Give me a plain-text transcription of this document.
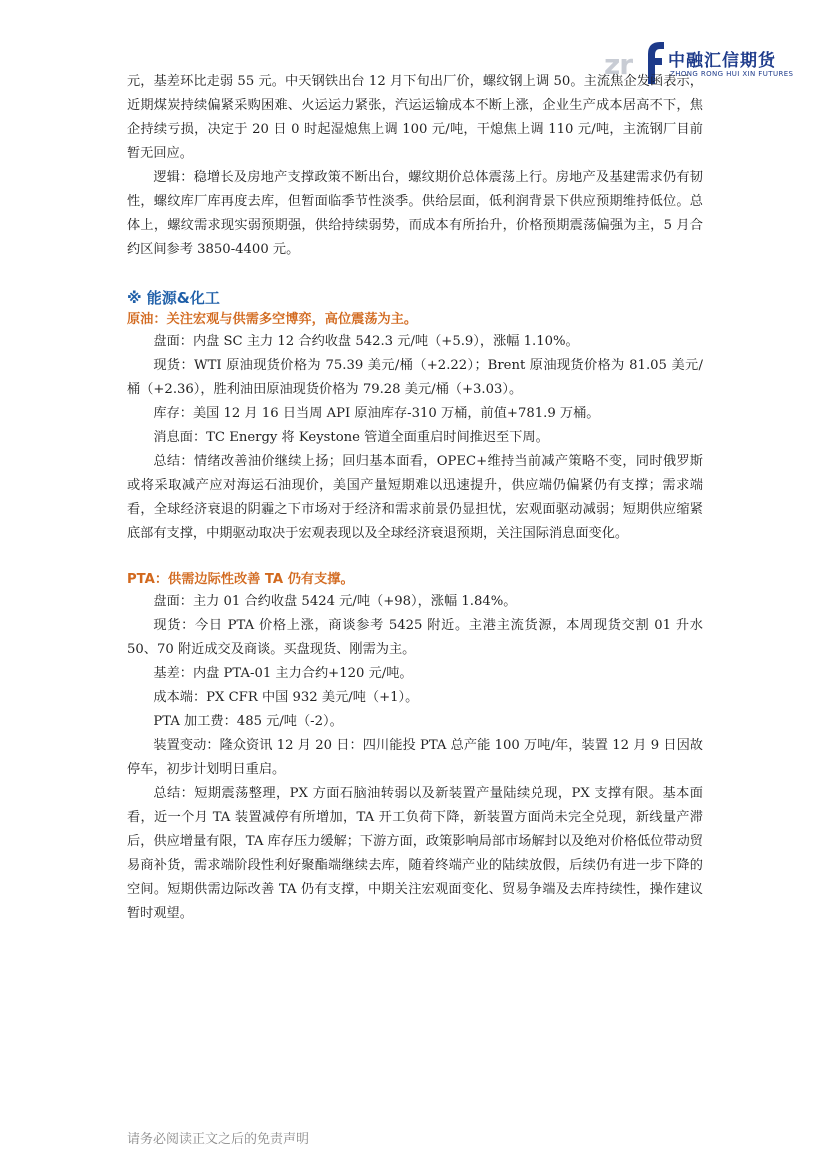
zr 中融汇信期货
ZHONG RONG HUI XIN FUTURES

元，基差环比走弱 55 元。中天钢铁出台 12 月下旬出厂价，螺纹钢上调 50。主流焦企发函表示，近期煤炭持续偏紧采购困难、火运运力紧张，汽运运输成本不断上涨，企业生产成本居高不下，焦企持续亏损，决定于 20 日 0 时起湿熄焦上调 100 元/吨，干熄焦上调 110 元/吨，主流钢厂目前暂无回应。

逻辑：稳增长及房地产支撑政策不断出台，螺纹期价总体震荡上行。房地产及基建需求仍有韧性，螺纹库厂库再度去库，但暂面临季节性淡季。供给层面，低利润背景下供应预期维持低位。总体上，螺纹需求现实弱预期强，供给持续弱势，而成本有所抬升，价格预期震荡偏强为主，5 月合约区间参考 3850-4400 元。

※ 能源&化工

原油：关注宏观与供需多空博弈，高位震荡为主。

盘面：内盘 SC 主力 12 合约收盘 542.3 元/吨（+5.9），涨幅 1.10%。

现货：WTI 原油现货价格为 75.39 美元/桶（+2.22）；Brent 原油现货价格为 81.05 美元/桶（+2.36），胜利油田原油现货价格为 79.28 美元/桶（+3.03）。

库存：美国 12 月 16 日当周 API 原油库存-310 万桶，前值+781.9 万桶。

消息面：TC Energy 将 Keystone 管道全面重启时间推迟至下周。

总结：情绪改善油价继续上扬；回归基本面看，OPEC+维持当前减产策略不变，同时俄罗斯或将采取减产应对海运石油现价，美国产量短期难以迅速提升，供应端仍偏紧仍有支撑；需求端看，全球经济衰退的阴霾之下市场对于经济和需求前景仍显担忧，宏观面驱动减弱；短期供应缩紧底部有支撑，中期驱动取决于宏观表现以及全球经济衰退预期，关注国际消息面变化。

PTA：供需边际性改善 TA 仍有支撑。

盘面：主力 01 合约收盘 5424 元/吨（+98），涨幅 1.84%。

现货：今日 PTA 价格上涨，商谈参考 5425 附近。主港主流货源，本周现货交割 01 升水 50、70 附近成交及商谈。买盘现货、刚需为主。

基差：内盘 PTA-01 主力合约+120 元/吨。

成本端：PX CFR 中国 932 美元/吨（+1）。

PTA 加工费：485 元/吨（-2）。

装置变动：隆众资讯 12 月 20 日：四川能投 PTA 总产能 100 万吨/年，装置 12 月 9 日因故停车，初步计划明日重启。

总结：短期震荡整理，PX 方面石脑油转弱以及新装置产量陆续兑现，PX 支撑有限。基本面看，近一个月 TA 装置减停有所增加，TA 开工负荷下降，新装置方面尚未完全兑现，新线量产滞后，供应增量有限，TA 库存压力缓解；下游方面，政策影响局部市场解封以及绝对价格低位带动贸易商补货，需求端阶段性利好聚酯端继续去库，随着终端产业的陆续放假，后续仍有进一步下降的空间。短期供需边际改善 TA 仍有支撑，中期关注宏观面变化、贸易争端及去库持续性，操作建议暂时观望。

请务必阅读正文之后的免责声明
